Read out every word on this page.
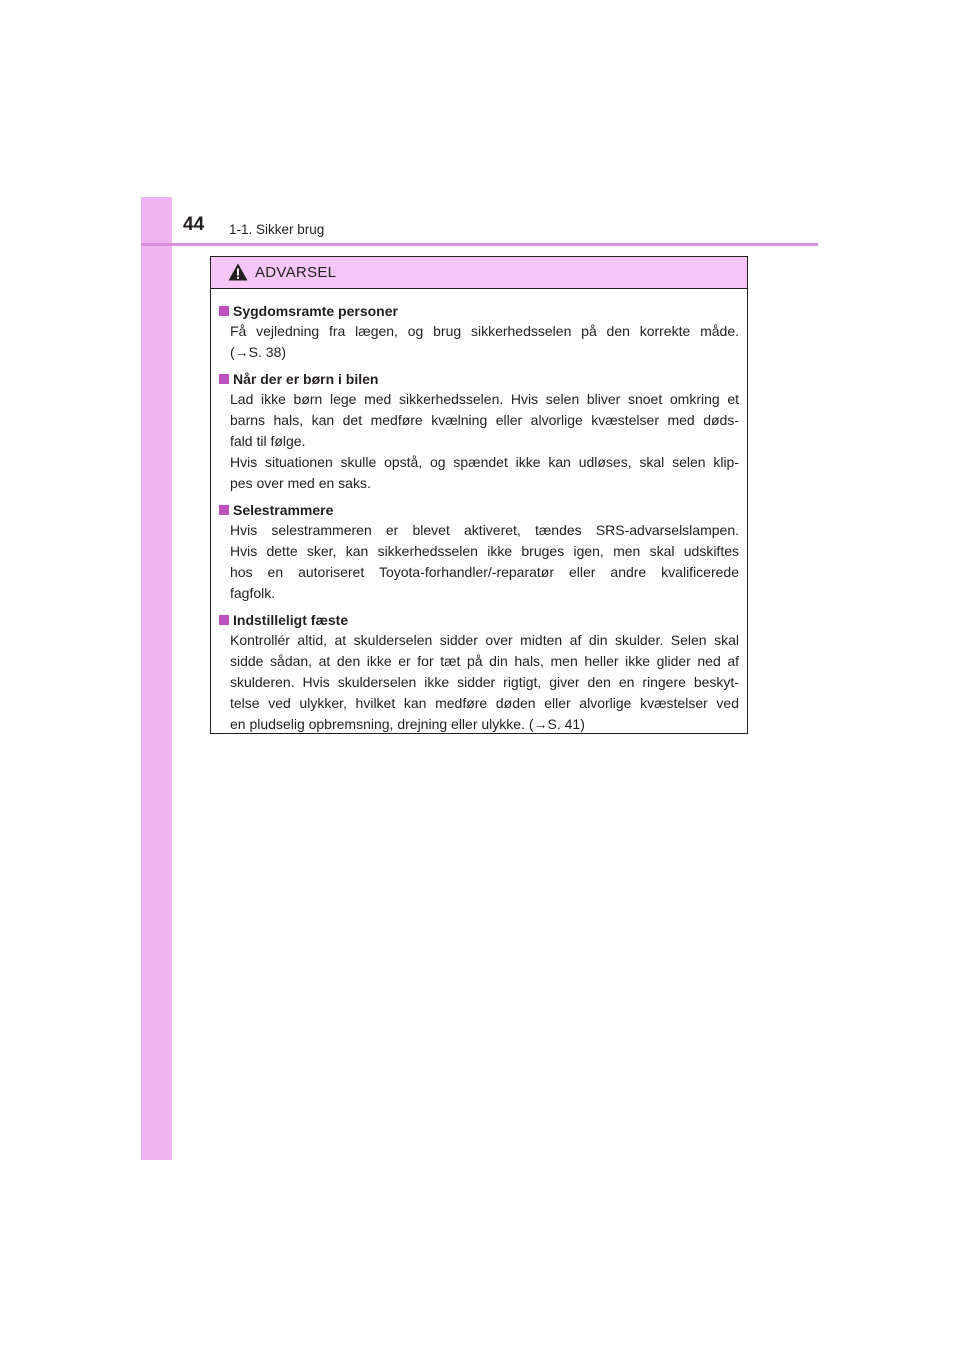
44 1-1. Sikker brug
ADVARSEL
Sygdomsramte personer
Få vejledning fra lægen, og brug sikkerhedsselen på den korrekte måde.
(→S. 38)
Når der er børn i bilen
Lad ikke børn lege med sikkerhedsselen. Hvis selen bliver snoet omkring et
barns hals, kan det medføre kvælning eller alvorlige kvæstelser med døds-
fald til følge.
Hvis situationen skulle opstå, og spændet ikke kan udløses, skal selen klip-
pes over med en saks.
Selestrammere
Hvis selestrammeren er blevet aktiveret, tændes SRS-advarselslampen.
Hvis dette sker, kan sikkerhedsselen ikke bruges igen, men skal udskiftes
hos en autoriseret Toyota-forhandler/-reparatør eller andre kvalificerede
fagfolk.
Indstilleligt fæste
Kontrollér altid, at skulderselen sidder over midten af din skulder. Selen skal
sidde sådan, at den ikke er for tæt på din hals, men heller ikke glider ned af
skulderen. Hvis skulderselen ikke sidder rigtigt, giver den en ringere beskyt-
telse ved ulykker, hvilket kan medføre døden eller alvorlige kvæstelser ved
en pludselig opbremsning, drejning eller ulykke. (→S. 41)
